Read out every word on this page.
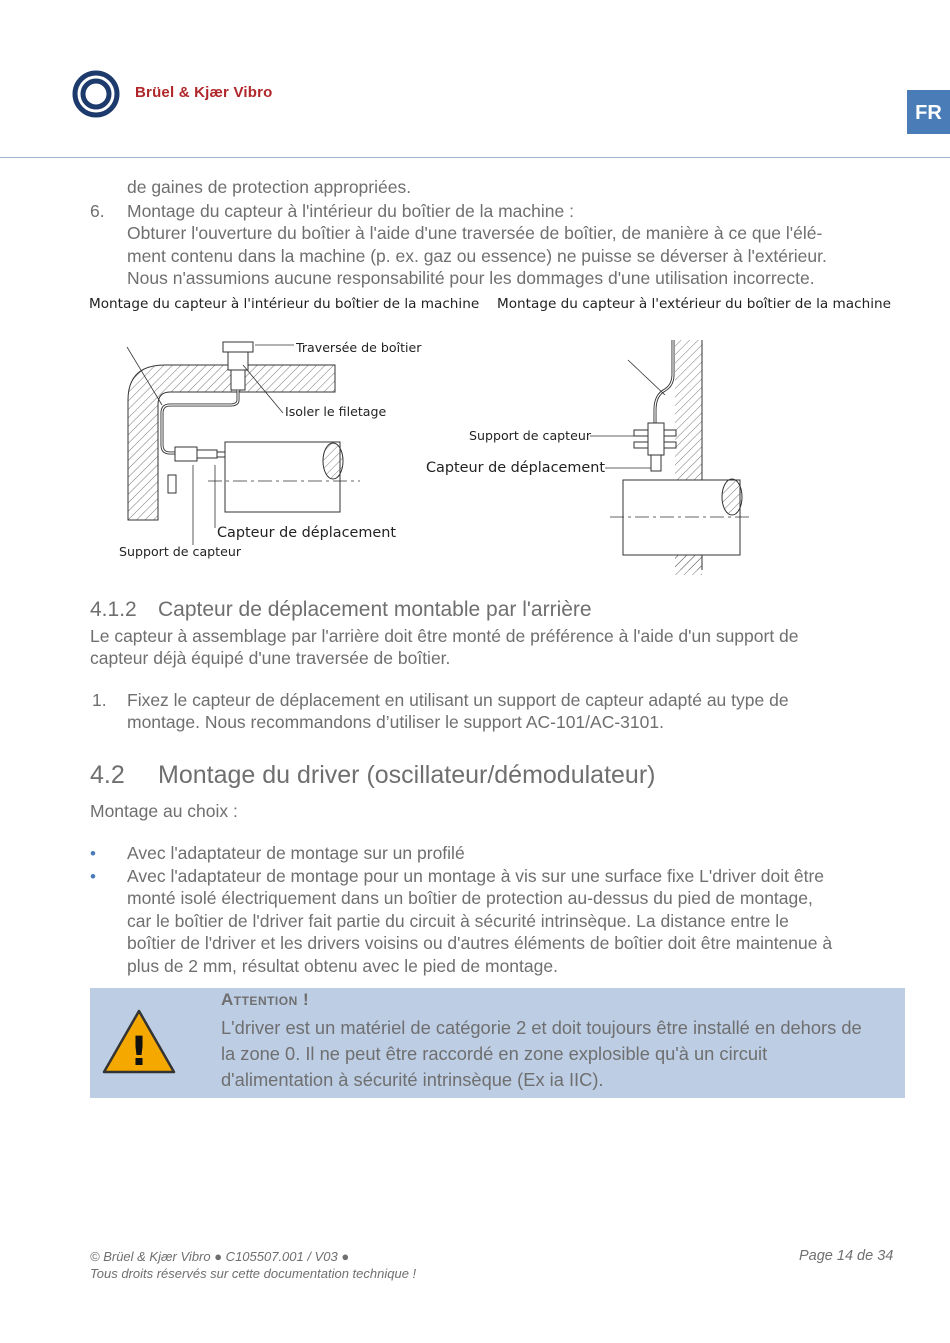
Brüel & Kjær Vibro
FR
de gaines de protection appropriées.
6. Montage du capteur à l'intérieur du boîtier de la machine :
Obturer l'ouverture du boîtier à l'aide d'une traversée de boîtier, de manière à ce que l'élé-
ment contenu dans la machine (p. ex. gaz ou essence) ne puisse se déverser à l'extérieur.
Nous n'assumions aucune responsabilité pour les dommages d'une utilisation incorrecte.
Montage du capteur à l'intérieur du boîtier de la machine Montage du capteur à l'extérieur du boîtier de la machine
Traversée de boîtier
Isoler le filetage
Capteur de déplacement
Support de capteur
Support de capteur
Capteur de déplacement
4.1.2 Capteur de déplacement montable par l'arrière
Le capteur à assemblage par l'arrière doit être monté de préférence à l'aide d'un support de
capteur déjà équipé d'une traversée de boîtier.
1. Fixez le capteur de déplacement en utilisant un support de capteur adapté au type de
montage. Nous recommandons d’utiliser le support AC-101/AC-3101.
4.2 Montage du driver (oscillateur/démodulateur)
Montage au choix :
• Avec l'adaptateur de montage sur un profilé
• Avec l'adaptateur de montage pour un montage à vis sur une surface fixe L'driver doit être
monté isolé électriquement dans un boîtier de protection au-dessus du pied de montage,
car le boîtier de l'driver fait partie du circuit à sécurité intrinsèque. La distance entre le
boîtier de l'driver et les drivers voisins ou d'autres éléments de boîtier doit être maintenue à
plus de 2 mm, résultat obtenu avec le pied de montage.
!
Attention !
L'driver est un matériel de catégorie 2 et doit toujours être installé en dehors de
la zone 0. Il ne peut être raccordé en zone explosible qu'à un circuit
d'alimentation à sécurité intrinsèque (Ex ia IIC).
© Brüel & Kjær Vibro ● C105507.001 / V03 ●
Tous droits réservés sur cette documentation technique !
Page 14 de 34
